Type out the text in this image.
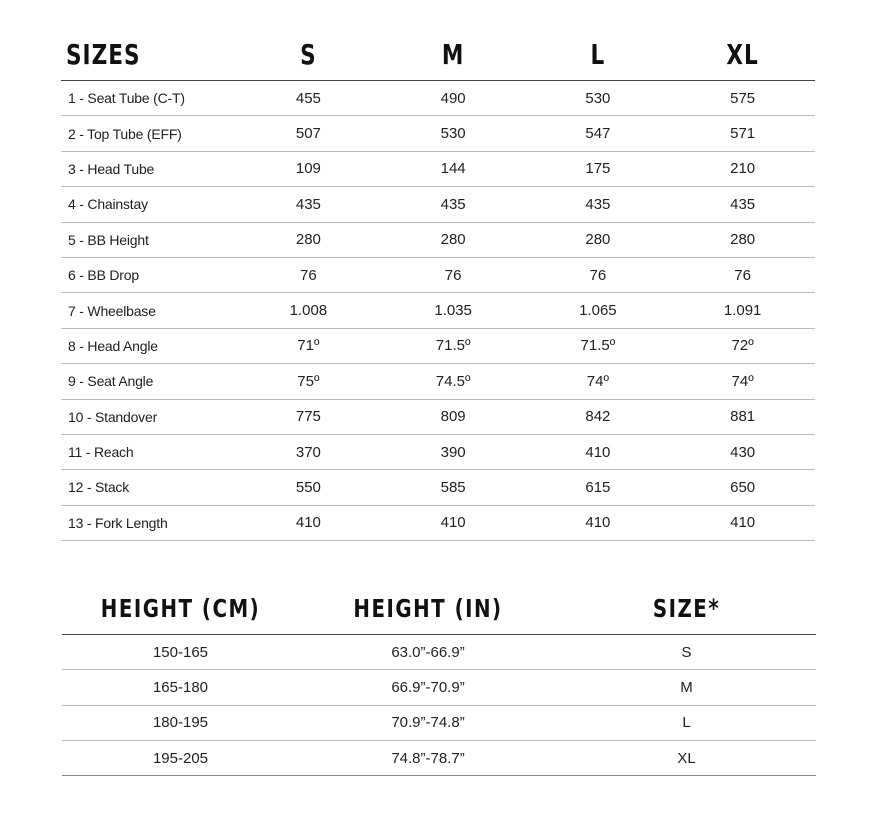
SIZES	S	M	L	XL
1 - Seat Tube (C-T)	455	490	530	575
2 - Top Tube (EFF)	507	530	547	571
3 - Head Tube	109	144	175	210
4 - Chainstay	435	435	435	435
5 - BB Height	280	280	280	280
6 - BB Drop	76	76	76	76
7 - Wheelbase	1.008	1.035	1.065	1.091
8 - Head Angle	71º	71.5º	71.5º	72º
9 - Seat Angle	75º	74.5º	74º	74º
10 - Standover	775	809	842	881
11 - Reach	370	390	410	430
12 - Stack	550	585	615	650
13 - Fork Length	410	410	410	410
HEIGHT (CM)	HEIGHT (IN)	SIZE*
150-165	63.0”-66.9”	S
165-180	66.9”-70.9”	M
180-195	70.9”-74.8”	L
195-205	74.8”-78.7”	XL
